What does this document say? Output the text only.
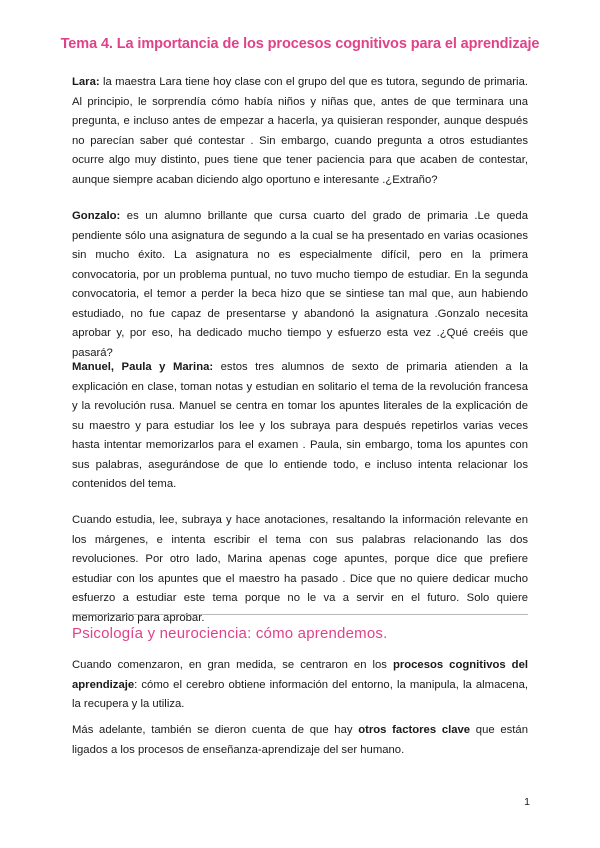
Tema 4. La importancia de los procesos cognitivos para el aprendizaje

Lara: la maestra Lara tiene hoy clase con el grupo del que es tutora, segundo de primaria. Al principio, le sorprendía cómo había niños y niñas que, antes de que terminara una pregunta, e incluso antes de empezar a hacerla, ya quisieran responder, aunque después no parecían saber qué contestar . Sin embargo, cuando pregunta a otros estudiantes ocurre algo muy distinto, pues tiene que tener paciencia para que acaben de contestar, aunque siempre acaban diciendo algo oportuno e interesante .¿Extraño?

Gonzalo: es un alumno brillante que cursa cuarto del grado de primaria .Le queda pendiente sólo una asignatura de segundo a la cual se ha presentado en varias ocasiones sin mucho éxito. La asignatura no es especialmente difícil, pero en la primera convocatoria, por un problema puntual, no tuvo mucho tiempo de estudiar. En la segunda convocatoria, el temor a perder la beca hizo que se sintiese tan mal que, aun habiendo estudiado, no fue capaz de presentarse y abandonó la asignatura .Gonzalo necesita aprobar y, por eso, ha dedicado mucho tiempo y esfuerzo esta vez .¿Qué creéis que pasará?

Manuel, Paula y Marina: estos tres alumnos de sexto de primaria atienden a la explicación en clase, toman notas y estudian en solitario el tema de la revolución francesa y la revolución rusa. Manuel se centra en tomar los apuntes literales de la explicación de su maestro y para estudiar los lee y los subraya para después repetirlos varias veces hasta intentar memorizarlos para el examen . Paula, sin embargo, toma los apuntes con sus palabras, asegurándose de que lo entiende todo, e incluso intenta relacionar los contenidos del tema.

Cuando estudia, lee, subraya y hace anotaciones, resaltando la información relevante en los márgenes, e intenta escribir el tema con sus palabras relacionando las dos revoluciones. Por otro lado, Marina apenas coge apuntes, porque dice que prefiere estudiar con los apuntes que el maestro ha pasado . Dice que no quiere dedicar mucho esfuerzo a estudiar este tema porque no le va a servir en el futuro. Solo quiere memorizarlo para aprobar.

Psicología y neurociencia: cómo aprendemos.

Cuando comenzaron, en gran medida, se centraron en los procesos cognitivos del aprendizaje: cómo el cerebro obtiene información del entorno, la manipula, la almacena, la recupera y la utiliza.

Más adelante, también se dieron cuenta de que hay otros factores clave que están ligados a los procesos de enseñanza-aprendizaje del ser humano.

1
